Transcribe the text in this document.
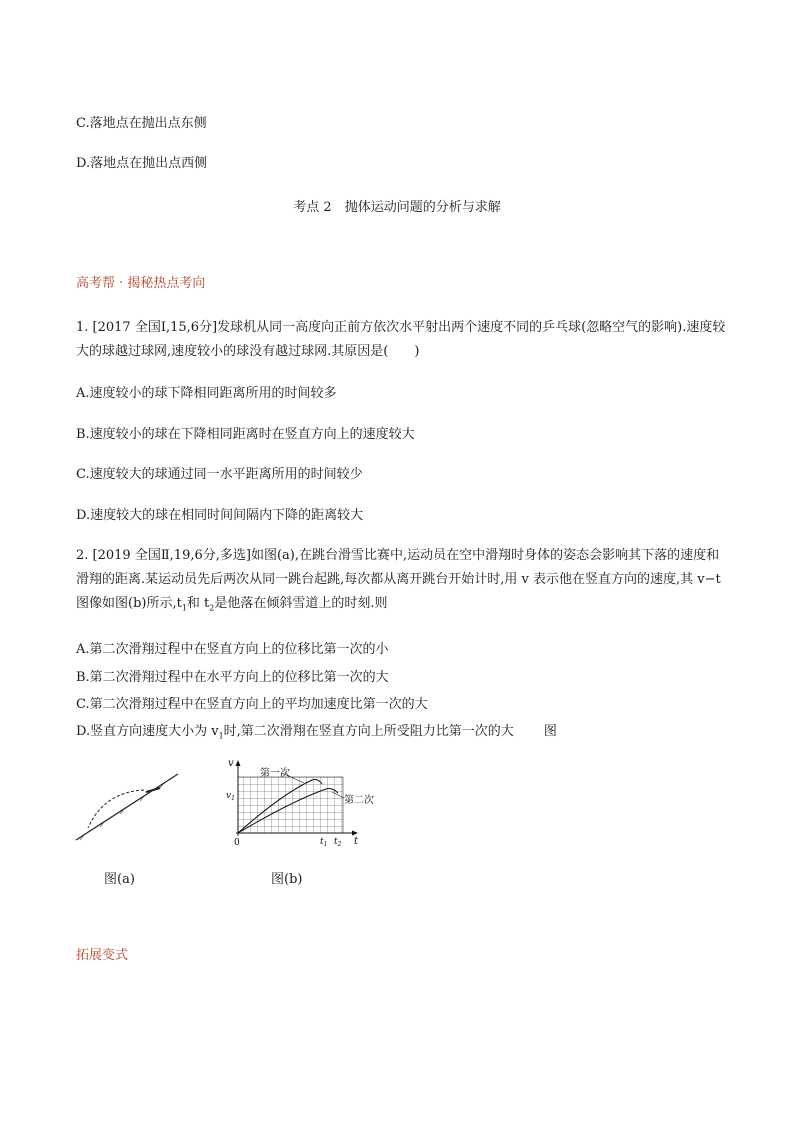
C.落地点在抛出点东侧
D.落地点在抛出点西侧
考点 2　抛体运动问题的分析与求解
高考帮 · 揭秘热点考向
1. [2017 全国Ⅰ,15,6分]发球机从同一高度向正前方依次水平射出两个速度不同的乒乓球(忽略空气的影响).速度较大的球越过球网,速度较小的球没有越过球网.其原因是(　　)
A.速度较小的球下降相同距离所用的时间较多
B.速度较小的球在下降相同距离时在竖直方向上的速度较大
C.速度较大的球通过同一水平距离所用的时间较少
D.速度较大的球在相同时间间隔内下降的距离较大
2. [2019 全国Ⅱ,19,6分,多选]如图(a),在跳台滑雪比赛中,运动员在空中滑翔时身体的姿态会影响其下落的速度和滑翔的距离.某运动员先后两次从同一跳台起跳,每次都从离开跳台开始计时,用 v 表示他在竖直方向的速度,其 v−t 图像如图(b)所示$,t_1$和 $t_2$是他落在倾斜雪道上的时刻.则
A.第二次滑翔过程中在竖直方向上的位移比第一次的小
B.第二次滑翔过程中在水平方向上的位移比第一次的大
C.第二次滑翔过程中在竖直方向上的平均加速度比第一次的大
D.竖直方向速度大小为 $v_1$时,第二次滑翔在竖直方向上所受阻力比第一次的大　　 图
第一次
第二次
v
t
0
$v_1$
$t_1$ $t_2$
图(a)	图(b)
拓展变式
